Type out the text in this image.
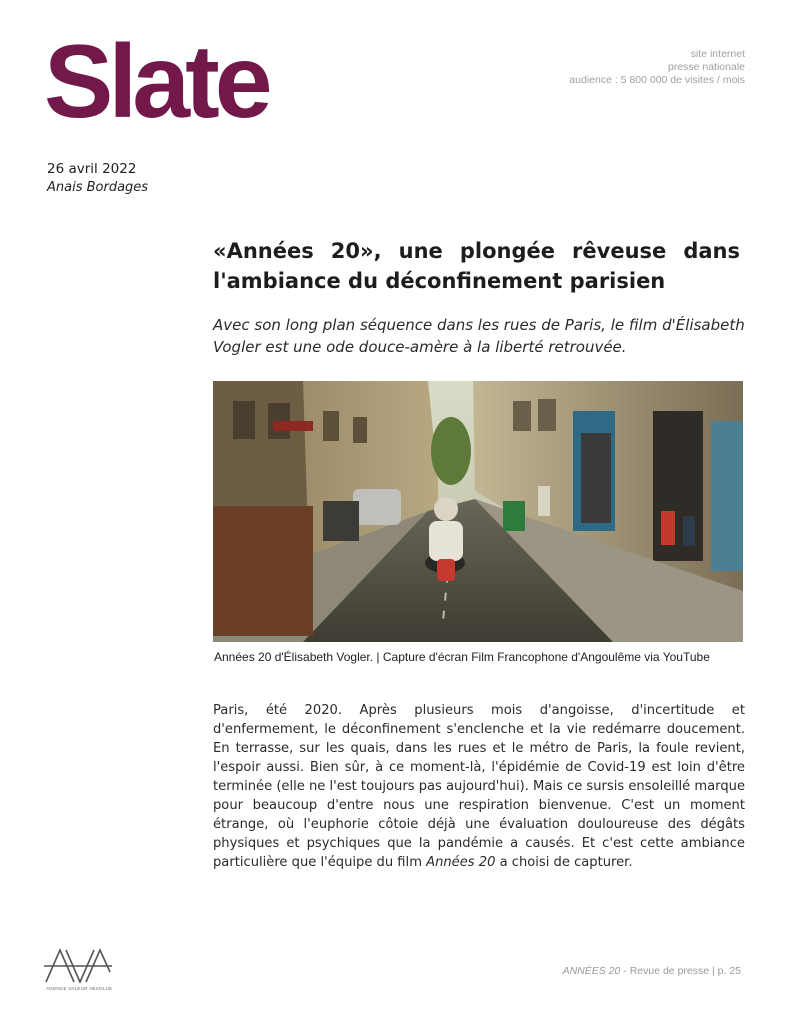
Slate	site internet
presse nationale
audience : 5 800 000 de visites / mois
26 avril 2022
Anais Bordages
«Années 20», une plongée rêveuse dans l'ambiance du déconfinement parisien

Avec son long plan séquence dans les rues de Paris, le film d'Élisabeth Vogler est une ode douce-amère à la liberté retrouvée.

Années 20 d'Élisabeth Vogler. | Capture d'écran Film Francophone d'Angoulême via YouTube

Paris, été 2020. Après plusieurs mois d'angoisse, d'incertitude et d'enfermement, le déconfinement s'enclenche et la vie redémarre doucement. En terrasse, sur les quais, dans les rues et le métro de Paris, la foule revient, l'espoir aussi. Bien sûr, à ce moment-là, l'épidémie de Covid-19 est loin d'être terminée (elle ne l'est toujours pas aujourd'hui). Mais ce sursis ensoleillé marque pour beaucoup d'entre nous une respiration bienvenue. C'est un moment étrange, où l'euphorie côtoie déjà une évaluation douloureuse des dégâts physiques et psychiques que la pandémie a causés. Et c'est cette ambiance particulière que l'équipe du film Années 20 a choisi de capturer.

AGENCE VALEUR ABSOLUE
ANNÉES 20 - Revue de presse | p. 25
